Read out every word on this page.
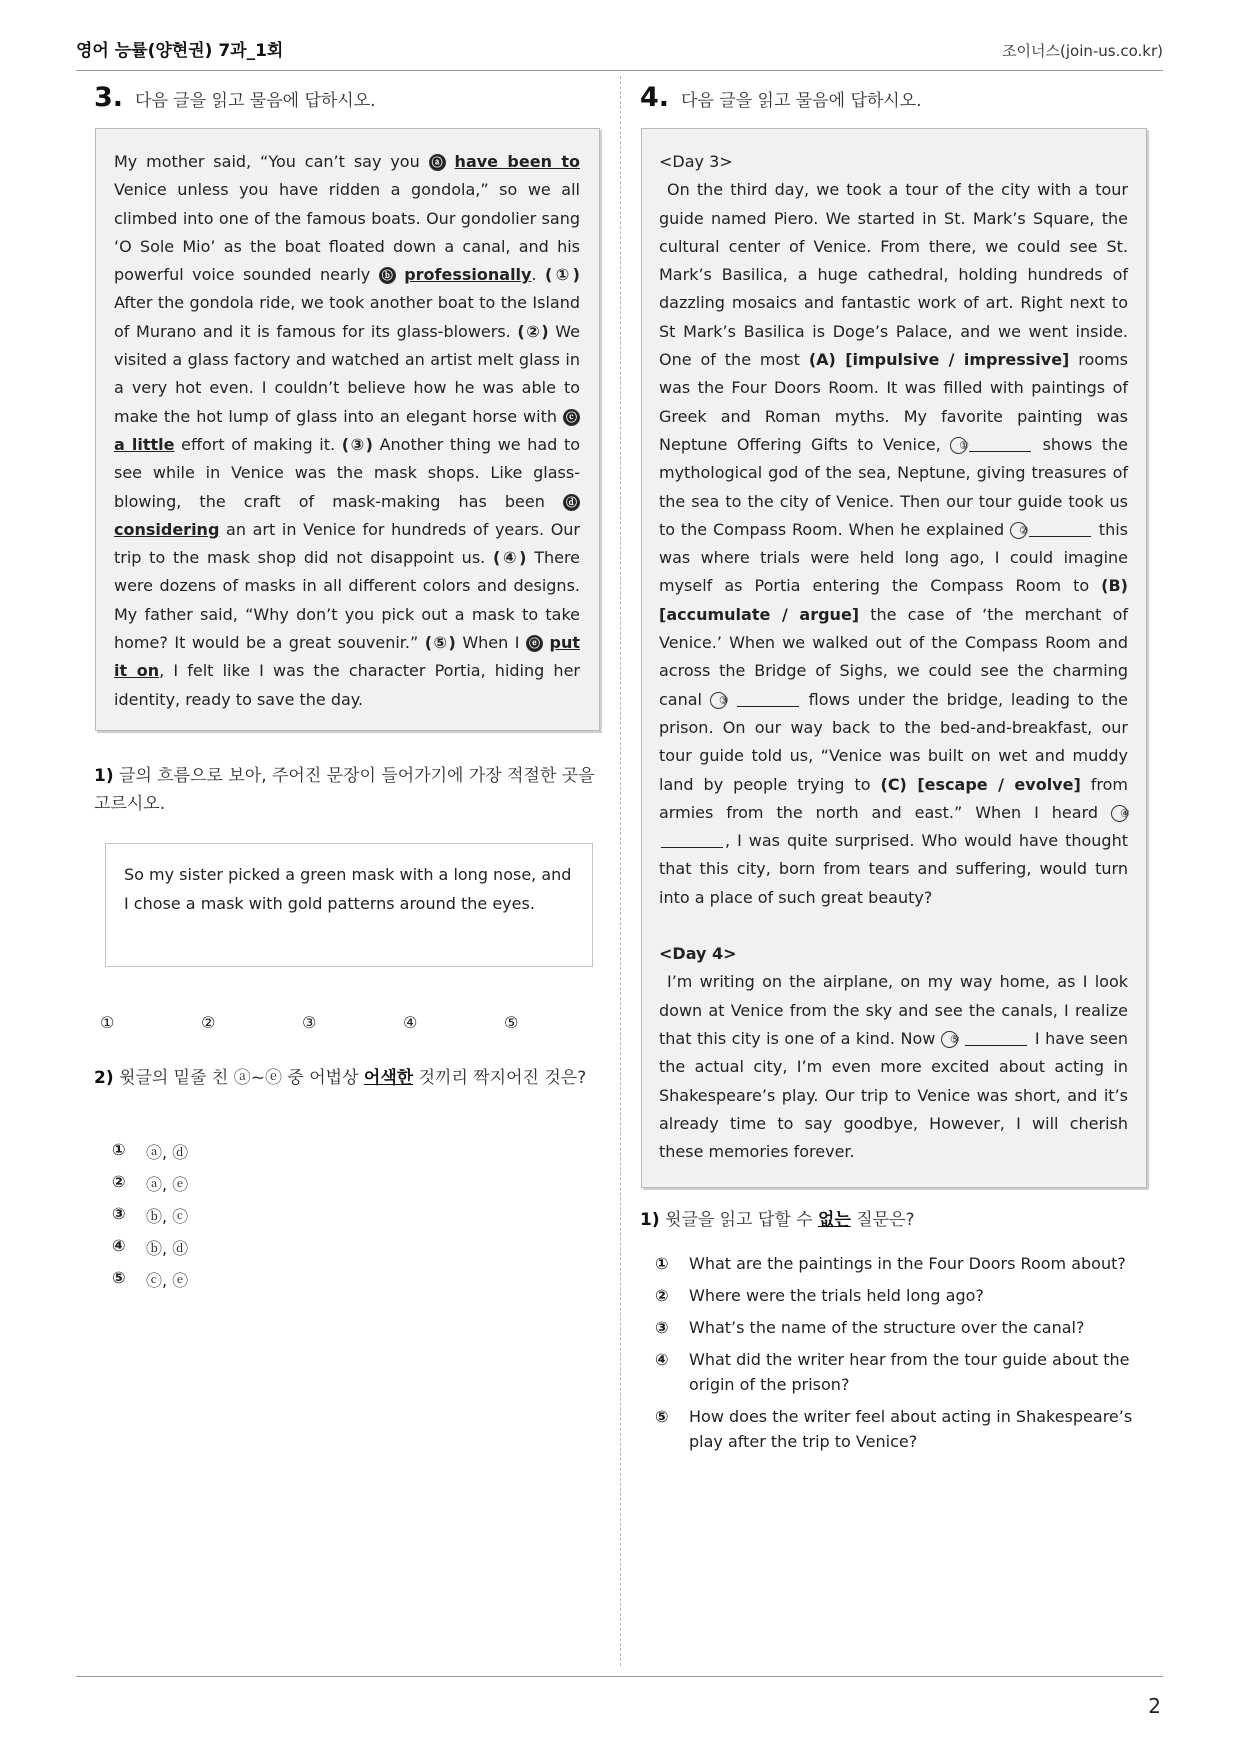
영어 능률(양현권) 7과_1회	조이너스(join-us.co.kr)
3. 다음 글을 읽고 물음에 답하시오.

My mother said, “You can’t say you ⓐ have been to Venice unless you have ridden a gondola,” so we all climbed into one of the famous boats. Our gondolier sang ‘O Sole Mio’ as the boat floated down a canal, and his powerful voice sounded nearly ⓑ professionally. (①) After the gondola ride, we took another boat to the Island of Murano and it is famous for its glass-blowers. (②) We visited a glass factory and watched an artist melt glass in a very hot even. I couldn’t believe how he was able to make the hot lump of glass into an elegant horse with ⓒ a little effort of making it. (③) Another thing we had to see while in Venice was the mask shops. Like glass-blowing, the craft of mask-making has been ⓓ considering an art in Venice for hundreds of years. Our trip to the mask shop did not disappoint us. (④) There were dozens of masks in all different colors and designs. My father said, “Why don’t you pick out a mask to take home? It would be a great souvenir.” (⑤) When I ⓔ put it on, I felt like I was the character Portia, hiding her identity, ready to save the day.

1) 글의 흐름으로 보아, 주어진 문장이 들어가기에 가장 적절한 곳을 고르시오.

So my sister picked a green mask with a long nose, and I chose a mask with gold patterns around the eyes.

①	②	③	④	⑤
2) 윗글의 밑줄 친 ⓐ~ⓔ 중 어법상 어색한 것끼리 짝지어진 것은?
①	ⓐ, ⓓ
②	ⓐ, ⓔ
③	ⓑ, ⓒ
④	ⓑ, ⓓ
⑤	ⓒ, ⓔ
4. 다음 글을 읽고 물음에 답하시오.

<Day 3>

On the third day, we took a tour of the city with a tour guide named Piero. We started in St. Mark’s Square, the cultural center of Venice. From there, we could see St. Mark’s Basilica, a huge cathedral, holding hundreds of dazzling mosaics and fantastic work of art. Right next to St Mark’s Basilica is Doge’s Palace, and we went inside. One of the most (A) [impulsive / impressive] rooms was the Four Doors Room. It was filled with paintings of Greek and Roman myths. My favorite painting was Neptune Offering Gifts to Venice, ①	shows the mythological god of the sea, Neptune, giving treasures of the sea to the city of Venice. Then our tour guide took us to the Compass Room. When he explained ②	this was where trials were held long ago, I could imagine myself as Portia entering the Compass Room to (B) [accumulate / argue] the case of ‘the merchant of Venice.’ When we walked out of the Compass Room and across the Bridge of Sighs, we could see the charming canal ③	flows under the bridge, leading to the prison. On our way back to the bed-and-breakfast, our tour guide told us, “Venice was built on wet and muddy land by people trying to (C) [escape / evolve] from armies from the north and east.” When I heard ④ , I was quite surprised. Who would have thought that this city, born from tears and suffering, would turn into a place of such great beauty?

<Day 4>

I’m writing on the airplane, on my way home, as I look down at Venice from the sky and see the canals, I realize that this city is one of a kind. Now ⑤	I have seen the actual city, I’m even more excited about acting in Shakespeare’s play. Our trip to Venice was short, and it’s already time to say goodbye, However, I will cherish these memories forever.

1) 윗글을 읽고 답할 수 없는 질문은?
①	What are the paintings in the Four Doors Room about?
②	Where were the trials held long ago?
③	What’s the name of the structure over the canal?
④	What did the writer hear from the tour guide about the origin of the prison?
⑤	How does the writer feel about acting in Shakespeare’s play after the trip to Venice?
2
